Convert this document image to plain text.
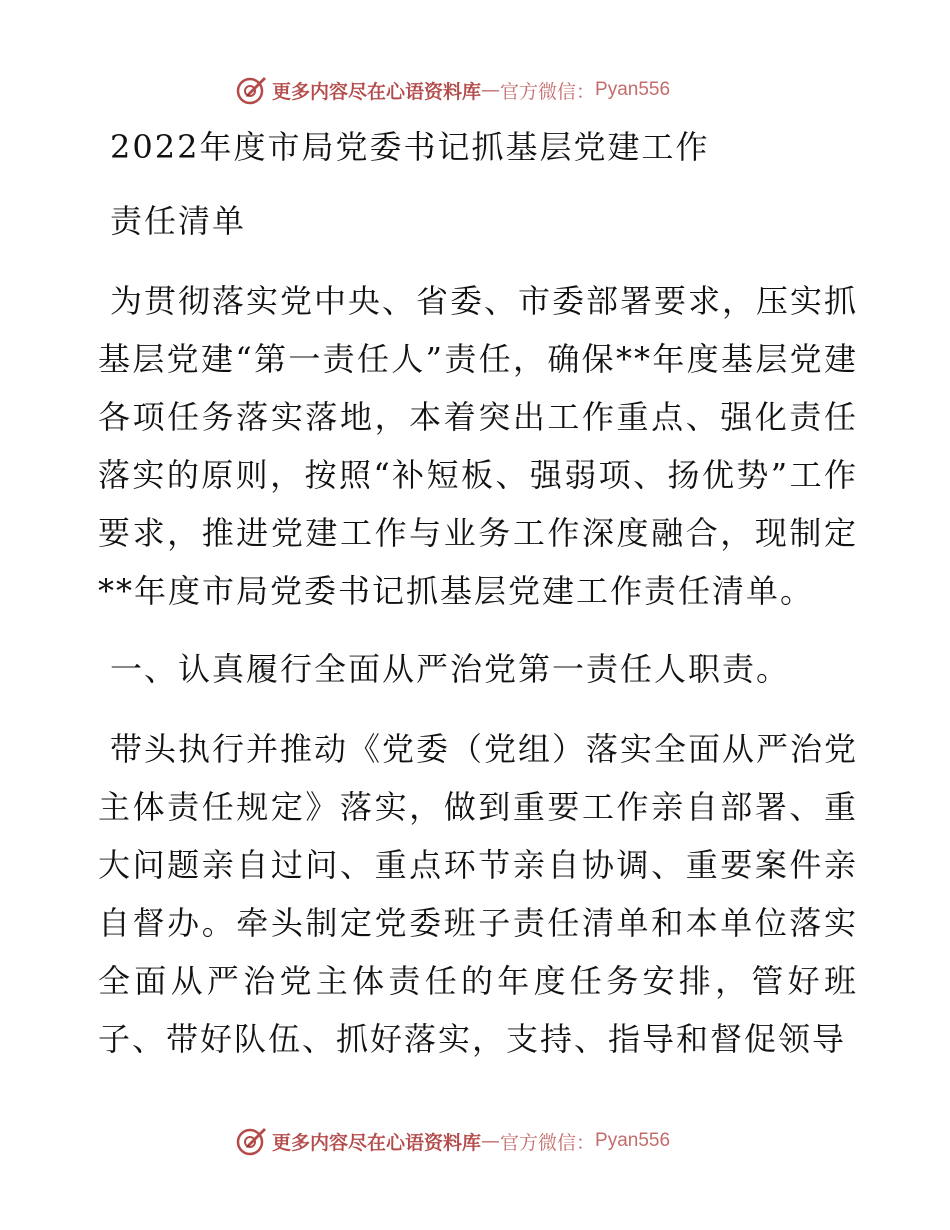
更多内容尽在心语资料库 — 官方微信： Pyan556
2022年度市局党委书记抓基层党建工作
责任清单

为贯彻落实党中央、省委、市委部署要求，压实抓基层党建“第一责任人”责任，确保**年度基层党建各项任务落实落地，本着突出工作重点、强化责任落实的原则，按照“补短板、强弱项、扬优势”工作要求，推进党建工作与业务工作深度融合，现制定**年度市局党委书记抓基层党建工作责任清单。

一、认真履行全面从严治党第一责任人职责。

带头执行并推动《党委（党组）落实全面从严治党主体责任规定》落实，做到重要工作亲自部署、重大问题亲自过问、重点环节亲自协调、重要案件亲自督办。牵头制定党委班子责任清单和本单位落实全面从严治党主体责任的年度任务安排，管好班子、带好队伍、抓好落实，支持、指导和督促领导

更多内容尽在心语资料库 — 官方微信： Pyan556
